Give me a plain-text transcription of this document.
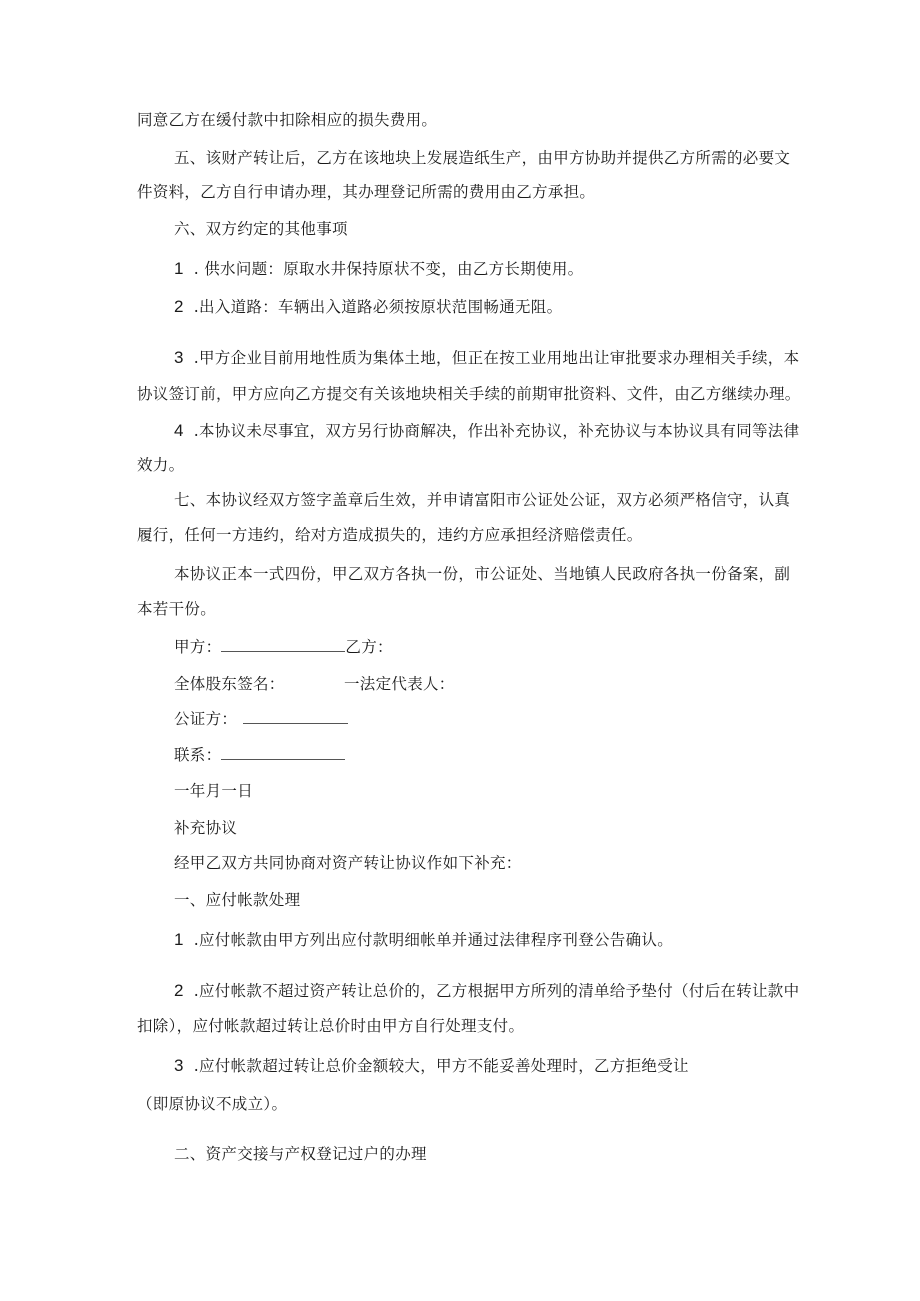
同意乙方在缓付款中扣除相应的损失费用。
五、该财产转让后，乙方在该地块上发展造纸生产，由甲方协助并提供乙方所需的必要文
件资料，乙方自行申请办理，其办理登记所需的费用由乙方承担。
六、双方约定的其他事项
1 . 供水问题：原取水井保持原状不变，由乙方长期使用。
2 .出入道路：车辆出入道路必须按原状范围畅通无阻。
3 .甲方企业目前用地性质为集体土地，但正在按工业用地出让审批要求办理相关手续，本
协议签订前，甲方应向乙方提交有关该地块相关手续的前期审批资料、文件，由乙方继续办理。
4 .本协议未尽事宜，双方另行协商解决，作出补充协议，补充协议与本协议具有同等法律
效力。
七、本协议经双方签字盖章后生效，并申请富阳市公证处公证，双方必须严格信守，认真
履行，任何一方违约，给对方造成损失的，违约方应承担经济赔偿责任。
本协议正本一式四份，甲乙双方各执一份，市公证处、当地镇人民政府各执一份备案，副
本若干份。
甲方：	乙方：
全体股东签名：	一法定代表人：
公证方：
联系：
一年月一日
补充协议
经甲乙双方共同协商对资产转让协议作如下补充：
一、应付帐款处理
1 .应付帐款由甲方列出应付款明细帐单并通过法律程序刊登公告确认。
2 .应付帐款不超过资产转让总价的，乙方根据甲方所列的清单给予垫付（付后在转让款中
扣除），应付帐款超过转让总价时由甲方自行处理支付。
3 .应付帐款超过转让总价金额较大，甲方不能妥善处理时，乙方拒绝受让
（即原协议不成立）。
二、资产交接与产权登记过户的办理
